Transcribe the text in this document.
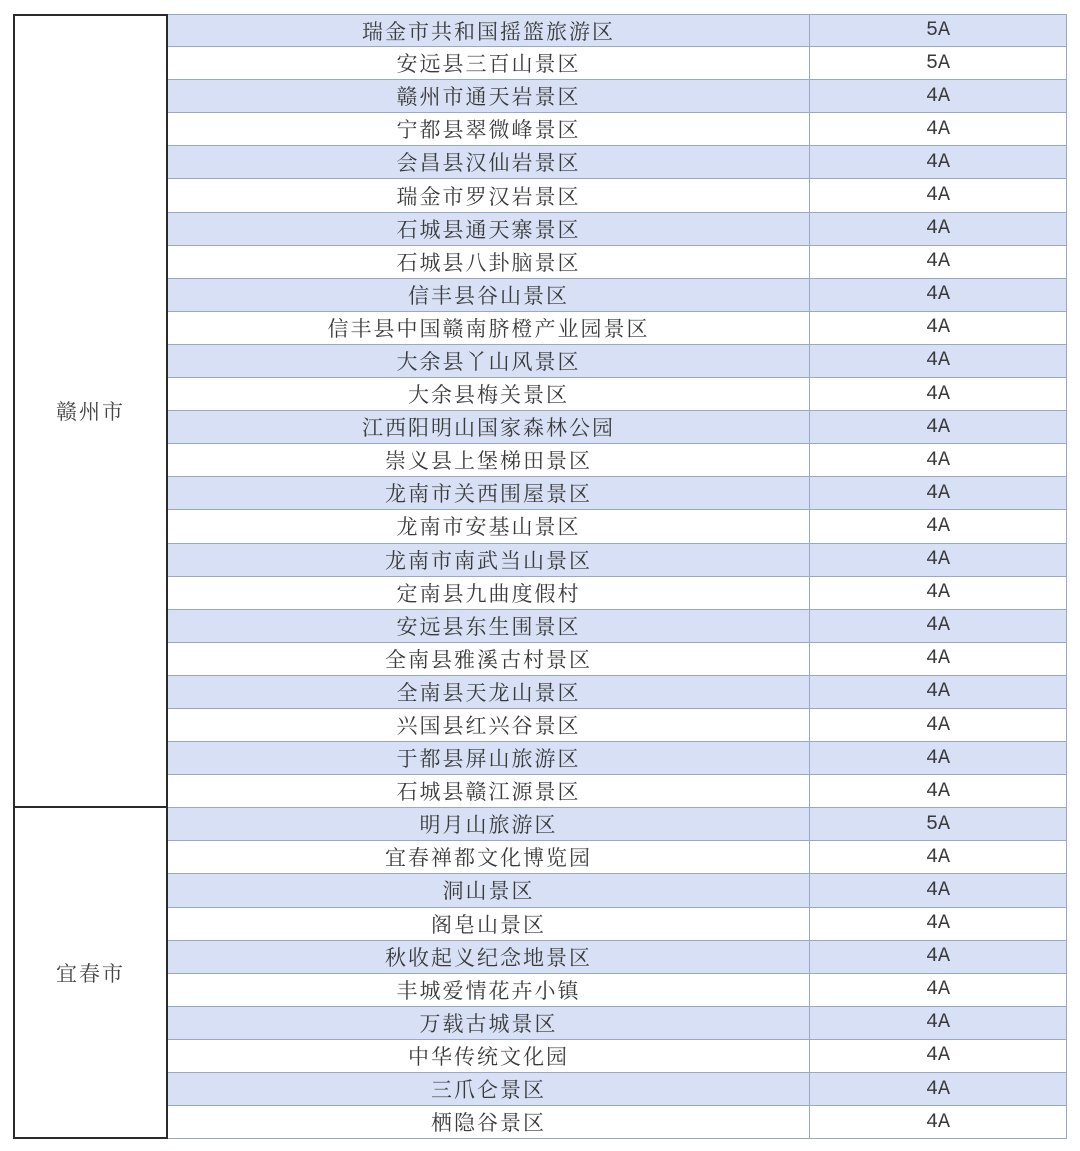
赣州市
瑞金市共和国摇篮旅游区	5A
安远县三百山景区	5A
赣州市通天岩景区	4A
宁都县翠微峰景区	4A
会昌县汉仙岩景区	4A
瑞金市罗汉岩景区	4A
石城县通天寨景区	4A
石城县八卦脑景区	4A
信丰县谷山景区	4A
信丰县中国赣南脐橙产业园景区	4A
大余县丫山风景区	4A
大余县梅关景区	4A
江西阳明山国家森林公园	4A
崇义县上堡梯田景区	4A
龙南市关西围屋景区	4A
龙南市安基山景区	4A
龙南市南武当山景区	4A
定南县九曲度假村	4A
安远县东生围景区	4A
全南县雅溪古村景区	4A
全南县天龙山景区	4A
兴国县红兴谷景区	4A
于都县屏山旅游区	4A
石城县赣江源景区	4A
宜春市
明月山旅游区	5A
宜春禅都文化博览园	4A
洞山景区	4A
阁皂山景区	4A
秋收起义纪念地景区	4A
丰城爱情花卉小镇	4A
万载古城景区	4A
中华传统文化园	4A
三爪仑景区	4A
栖隐谷景区	4A
